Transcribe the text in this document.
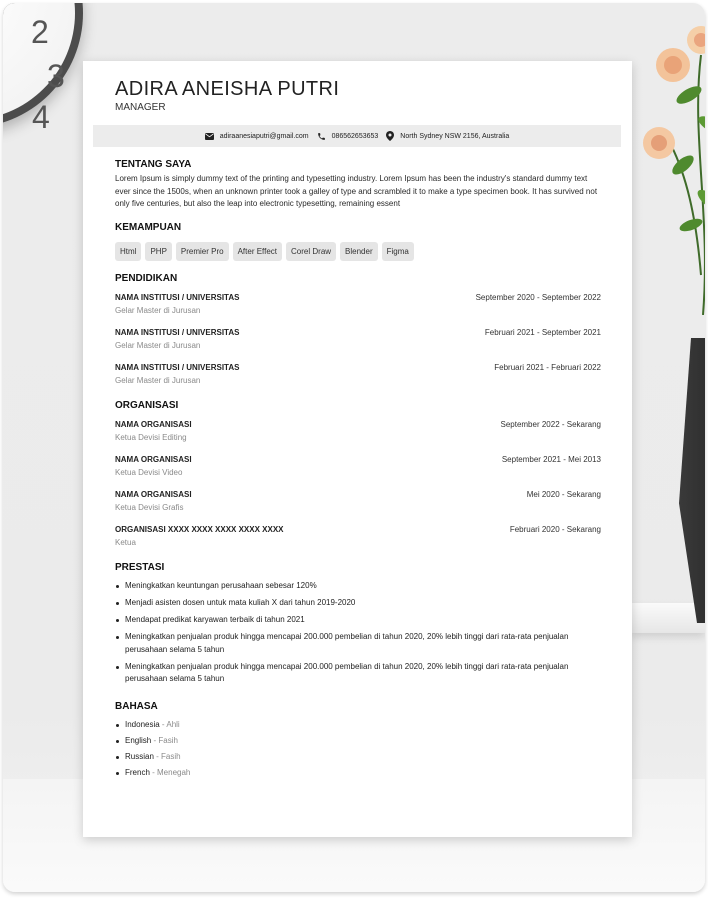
2
3
4
ADIRA ANEISHA PUTRI
MANAGER
adiraanesiaputri@gmail.com	086562653653	North Sydney NSW 2156, Australia
TENTANG SAYA
Lorem Ipsum is simply dummy text of the printing and typesetting industry. Lorem Ipsum has been the industry's standard dummy text ever since the 1500s, when an unknown printer took a galley of type and scrambled it to make a type specimen book. It has survived not only five centuries, but also the leap into electronic typesetting, remaining essent
KEMAMPUAN
Html	PHP	Premier Pro	After Effect	Corel Draw	Blender	Figma
PENDIDIKAN
NAMA INSTITUSI / UNIVERSITAS	September 2020 - September 2022
Gelar Master di Jurusan
NAMA INSTITUSI / UNIVERSITAS	Februari 2021 - September 2021
Gelar Master di Jurusan
NAMA INSTITUSI / UNIVERSITAS	Februari 2021 - Februari 2022
Gelar Master di Jurusan
ORGANISASI
NAMA ORGANISASI	September 2022 - Sekarang
Ketua Devisi Editing
NAMA ORGANISASI	September 2021 - Mei 2013
Ketua Devisi Video
NAMA ORGANISASI	Mei 2020 - Sekarang
Ketua Devisi Grafis
ORGANISASI XXXX XXXX XXXX XXXX XXXX	Februari 2020 - Sekarang
Ketua
PRESTASI
Meningkatkan keuntungan perusahaan sebesar 120%
Menjadi asisten dosen untuk mata kuliah X dari tahun 2019-2020
Mendapat predikat karyawan terbaik di tahun 2021
Meningkatkan penjualan produk hingga mencapai 200.000 pembelian di tahun 2020, 20% lebih tinggi dari rata-rata penjualan perusahaan selama 5 tahun
Meningkatkan penjualan produk hingga mencapai 200.000 pembelian di tahun 2020, 20% lebih tinggi dari rata-rata penjualan perusahaan selama 5 tahun
BAHASA
Indonesia - Ahli
English - Fasih
Russian - Fasih
French - Menegah
